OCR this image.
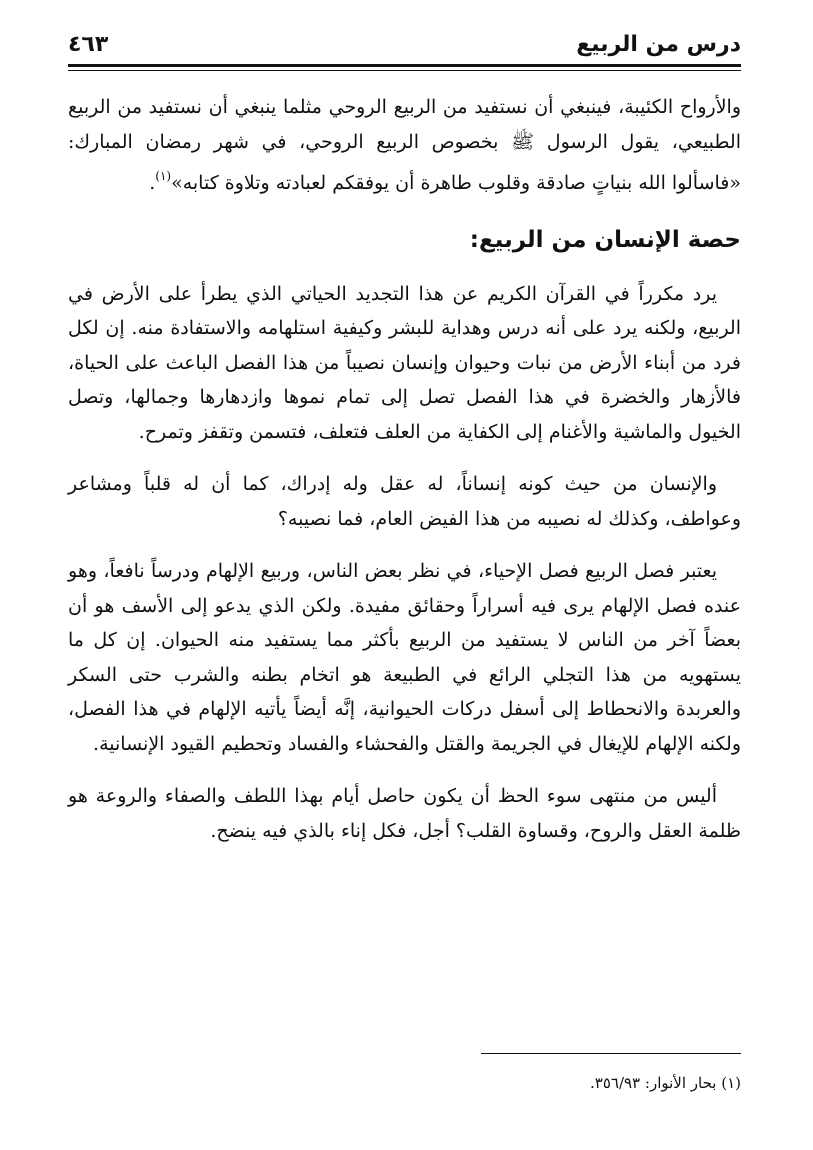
درس من الربيع
٤٦٣

والأرواح الكئيبة، فينبغي أن نستفيد من الربيع الروحي مثلما ينبغي أن نستفيد من الربيع الطبيعي، يقول الرسول ﷺ بخصوص الربيع الروحي، في شهر رمضان المبارك: «فاسألوا الله بنياتٍ صادقة وقلوب طاهرة أن يوفقكم لعبادته وتلاوة كتابه»$^{(١)}$.

حصة الإنسان من الربيع:

يرد مكرراً في القرآن الكريم عن هذا التجديد الحياتي الذي يطرأ على الأرض في الربيع، ولكنه يرد على أنه درس وهداية للبشر وكيفية استلهامه والاستفادة منه. إن لكل فرد من أبناء الأرض من نبات وحيوان وإنسان نصيباً من هذا الفصل الباعث على الحياة، فالأزهار والخضرة في هذا الفصل تصل إلى تمام نموها وازدهارها وجمالها، وتصل الخيول والماشية والأغنام إلى الكفاية من العلف فتعلف، فتسمن وتقفز وتمرح.

والإنسان من حيث كونه إنساناً، له عقل وله إدراك، كما أن له قلباً ومشاعر وعواطف، وكذلك له نصيبه من هذا الفيض العام، فما نصيبه؟

يعتبر فصل الربيع فصل الإحياء، في نظر بعض الناس، وربيع الإلهام ودرساً نافعاً، وهو عنده فصل الإلهام يرى فيه أسراراً وحقائق مفيدة. ولكن الذي يدعو إلى الأسف هو أن بعضاً آخر من الناس لا يستفيد من الربيع بأكثر مما يستفيد منه الحيوان. إن كل ما يستهويه من هذا التجلي الرائع في الطبيعة هو اتخام بطنه والشرب حتى السكر والعربدة والانحطاط إلى أسفل دركات الحيوانية، إنَّه أيضاً يأتيه الإلهام في هذا الفصل، ولكنه الإلهام للإيغال في الجريمة والقتل والفحشاء والفساد وتحطيم القيود الإنسانية.

أليس من منتهى سوء الحظ أن يكون حاصل أيام بهذا اللطف والصفاء والروعة هو ظلمة العقل والروح، وقساوة القلب؟ أجل، فكل إناء بالذي فيه ينضح.

(١) بحار الأنوار: ٣٥٦/٩٣.
